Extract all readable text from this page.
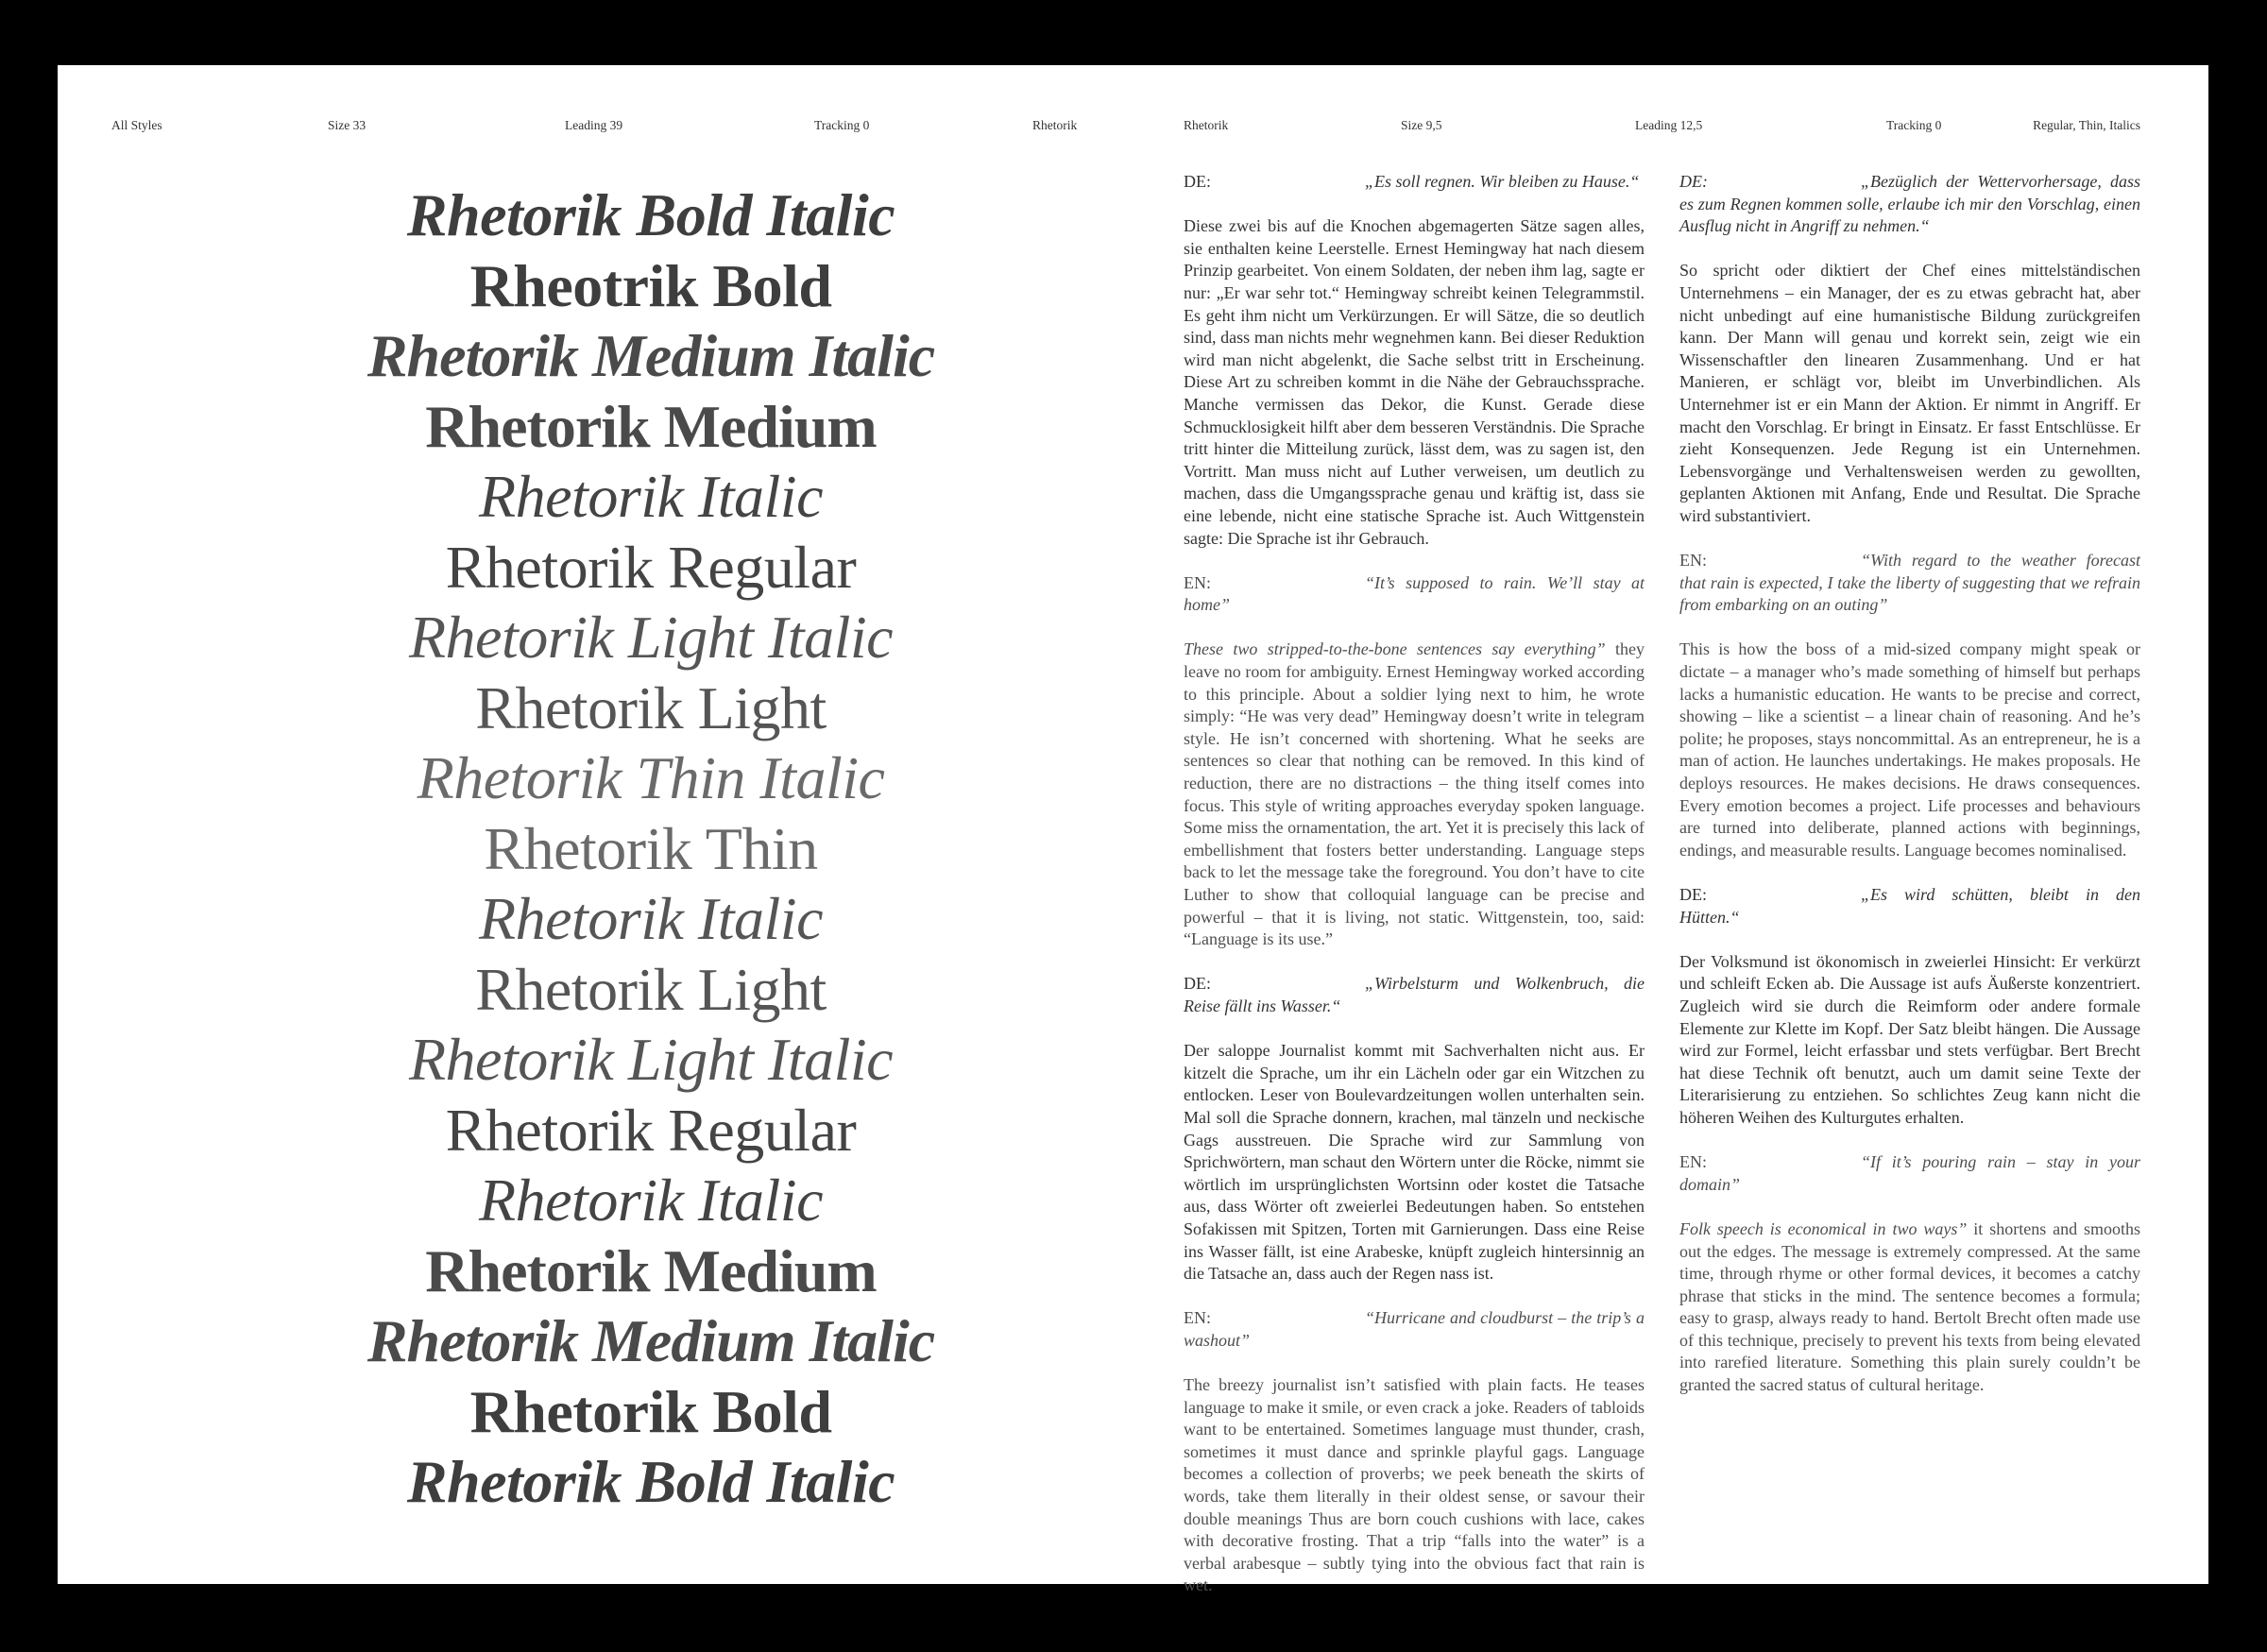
All Styles	Size 33	Leading 39	Tracking 0	Rhetorik	Rhetorik	Size 9,5	Leading 12,5	Tracking 0	Regular, Thin, Italics
Rhetorik Bold Italic
Rheotrik Bold
Rhetorik Medium Italic
Rhetorik Medium
Rhetorik Italic
Rhetorik Regular
Rhetorik Light Italic
Rhetorik Light
Rhetorik Thin Italic
Rhetorik Thin
Rhetorik Italic
Rhetorik Light
Rhetorik Light Italic
Rhetorik Regular
Rhetorik Italic
Rhetorik Medium
Rhetorik Medium Italic
Rhetorik Bold
Rhetorik Bold Italic

DE:	„Es soll regnen. Wir bleiben zu Hause.“

Diese zwei bis auf die Knochen abgemagerten Sätze sagen alles, sie enthalten keine Leerstelle. Ernest Hemingway hat nach diesem Prinzip gearbeitet. Von einem Soldaten, der neben ihm lag, sagte er nur: „Er war sehr tot.“ Hemingway schreibt keinen Telegrammstil. Es geht ihm nicht um Verkürzungen. Er will Sätze, die so deutlich sind, dass man nichts mehr wegnehmen kann. Bei dieser Reduktion wird man nicht abgelenkt, die Sache selbst tritt in Erscheinung. Diese Art zu schreiben kommt in die Nähe der Gebrauchssprache. Manche vermissen das Dekor, die Kunst. Gerade diese Schmucklosigkeit hilft aber dem besseren Verständnis. Die Sprache tritt hinter die Mitteilung zurück, lässt dem, was zu sagen ist, den Vortritt. Man muss nicht auf Luther verweisen, um deutlich zu machen, dass die Umgangssprache genau und kräftig ist, dass sie eine lebende, nicht eine statische Sprache ist. Auch Wittgenstein sagte: Die Sprache ist ihr Gebrauch.

EN:	“It’s supposed to rain. We’ll stay at home”

These two stripped-to-the-bone sentences say everything” they leave no room for ambiguity. Ernest Hemingway worked according to this principle. About a soldier lying next to him, he wrote simply: “He was very dead” Hemingway doesn’t write in telegram style. He isn’t concerned with shortening. What he seeks are sentences so clear that nothing can be removed. In this kind of reduction, there are no distractions – the thing itself comes into focus. This style of writing approaches everyday spoken language. Some miss the ornamentation, the art. Yet it is precisely this lack of embellishment that fosters better understanding. Language steps back to let the message take the foreground. You don’t have to cite Luther to show that colloquial language can be precise and powerful – that it is living, not static. Wittgenstein, too, said: “Language is its use.”

DE:	„Wirbelsturm und Wolkenbruch, die Reise fällt ins Wasser.“

Der saloppe Journalist kommt mit Sachverhalten nicht aus. Er kitzelt die Sprache, um ihr ein Lächeln oder gar ein Witzchen zu entlocken. Leser von Boulevardzeitungen wollen unterhalten sein. Mal soll die Sprache donnern, krachen, mal tänzeln und neckische Gags ausstreuen. Die Sprache wird zur Sammlung von Sprichwörtern, man schaut den Wörtern unter die Röcke, nimmt sie wörtlich im ursprünglichsten Wortsinn oder kostet die Tatsache aus, dass Wörter oft zweierlei Bedeutungen haben. So entstehen Sofakissen mit Spitzen, Torten mit Garnierungen. Dass eine Reise ins Wasser fällt, ist eine Arabeske, knüpft zugleich hintersinnig an die Tatsache an, dass auch der Regen nass ist.

EN:	“Hurricane and cloudburst – the trip’s a washout”

The breezy journalist isn’t satisfied with plain facts. He teases language to make it smile, or even crack a joke. Readers of tabloids want to be entertained. Sometimes language must thunder, crash, sometimes it must dance and sprinkle playful gags. Language becomes a collection of proverbs; we peek beneath the skirts of words, take them literally in their oldest sense, or savour their double meanings Thus are born couch cushions with lace, cakes with decorative frosting. That a trip “falls into the water” is a verbal arabesque – subtly tying into the obvious fact that rain is wet.

DE:	„Bezüglich der Wettervorhersage, dass es zum Regnen kommen solle, erlaube ich mir den Vorschlag, einen Ausflug nicht in Angriff zu nehmen.“

So spricht oder diktiert der Chef eines mittelständischen Unternehmens – ein Manager, der es zu etwas gebracht hat, aber nicht unbedingt auf eine humanistische Bildung zurückgreifen kann. Der Mann will genau und korrekt sein, zeigt wie ein Wissenschaftler den linearen Zusammenhang. Und er hat Manieren, er schlägt vor, bleibt im Unverbindlichen. Als Unternehmer ist er ein Mann der Aktion. Er nimmt in Angriff. Er macht den Vorschlag. Er bringt in Einsatz. Er fasst Entschlüsse. Er zieht Konsequenzen. Jede Regung ist ein Unternehmen. Lebensvorgänge und Verhaltensweisen werden zu gewollten, geplanten Aktionen mit Anfang, Ende und Resultat. Die Sprache wird substantiviert.

EN:	“With regard to the weather forecast that rain is expected, I take the liberty of suggesting that we refrain from embarking on an outing”

This is how the boss of a mid-sized company might speak or dictate – a manager who’s made something of himself but perhaps lacks a humanistic education. He wants to be precise and correct, showing – like a scientist – a linear chain of reasoning. And he’s polite; he proposes, stays noncommittal. As an entrepreneur, he is a man of action. He launches undertakings. He makes proposals. He deploys resources. He makes decisions. He draws consequences. Every emotion becomes a project. Life processes and behaviours are turned into deliberate, planned actions with beginnings, endings, and measurable results. Language becomes nominalised.

DE:	„Es wird schütten, bleibt in den Hütten.“

Der Volksmund ist ökonomisch in zweierlei Hinsicht: Er verkürzt und schleift Ecken ab. Die Aussage ist aufs Äußerste konzentriert. Zugleich wird sie durch die Reimform oder andere formale Elemente zur Klette im Kopf. Der Satz bleibt hängen. Die Aussage wird zur Formel, leicht erfassbar und stets verfügbar. Bert Brecht hat diese Technik oft benutzt, auch um damit seine Texte der Literarisierung zu entziehen. So schlichtes Zeug kann nicht die höheren Weihen des Kulturgutes erhalten.

EN:	“If it’s pouring rain – stay in your domain”

Folk speech is economical in two ways” it shortens and smooths out the edges. The message is extremely compressed. At the same time, through rhyme or other formal devices, it becomes a catchy phrase that sticks in the mind. The sentence becomes a formula; easy to grasp, always ready to hand. Bertolt Brecht often made use of this technique, precisely to prevent his texts from being elevated into rarefied literature. Something this plain surely couldn’t be granted the sacred status of cultural heritage.
